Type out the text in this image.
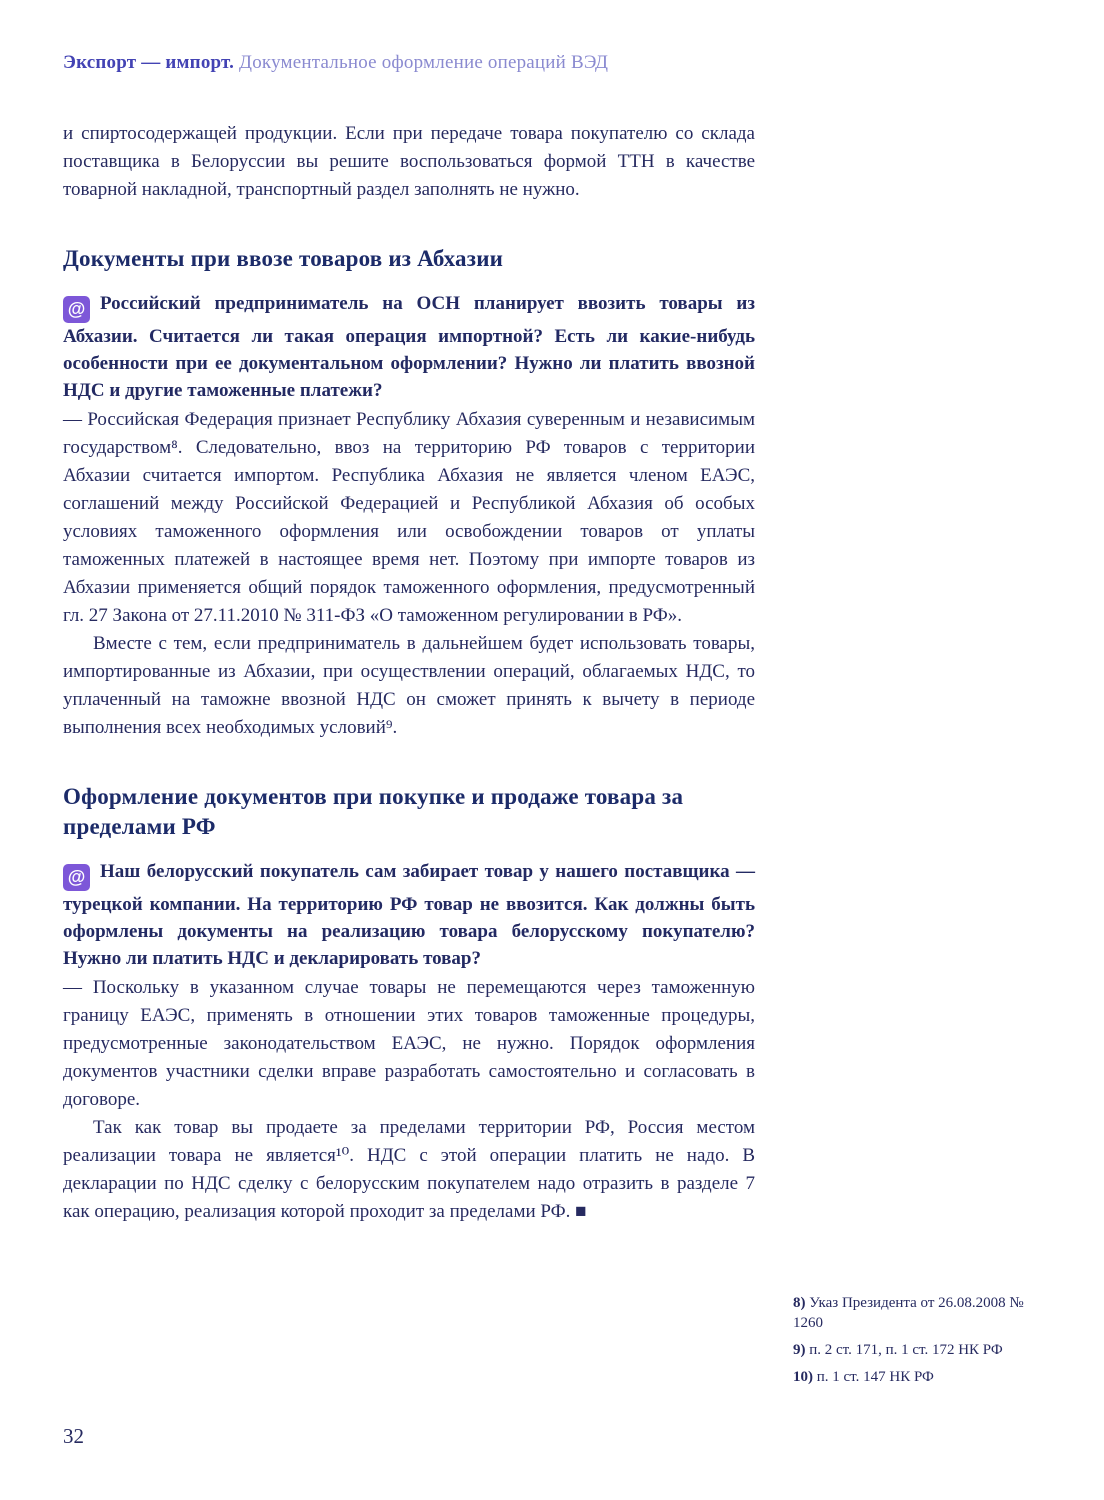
Экспорт — импорт. Документальное оформление операций ВЭД

и спиртосодержащей продукции. Если при передаче товара покупателю со склада поставщика в Белоруссии вы решите воспользоваться формой ТТН в качестве товарной накладной, транспортный раздел заполнять не нужно.

Документы при ввозе товаров из Абхазии

@ Российский предприниматель на ОСН планирует ввозить товары из Абхазии. Считается ли такая операция импортной? Есть ли какие-нибудь особенности при ее документальном оформлении? Нужно ли платить ввозной НДС и другие таможенные платежи?

— Российская Федерация признает Республику Абхазия суверенным и независимым государством⁸. Следовательно, ввоз на территорию РФ товаров с территории Абхазии считается импортом. Республика Абхазия не является членом ЕАЭС, соглашений между Российской Федерацией и Республикой Абхазия об особых условиях таможенного оформления или освобождении товаров от уплаты таможенных платежей в настоящее время нет. Поэтому при импорте товаров из Абхазии применяется общий порядок таможенного оформления, предусмотренный гл. 27 Закона от 27.11.2010 № 311-ФЗ «О таможенном регулировании в РФ».

Вместе с тем, если предприниматель в дальнейшем будет использовать товары, импортированные из Абхазии, при осуществлении операций, облагаемых НДС, то уплаченный на таможне ввозной НДС он сможет принять к вычету в периоде выполнения всех необходимых условий⁹.

Оформление документов при покупке и продаже товара за пределами РФ

@ Наш белорусский покупатель сам забирает товар у нашего поставщика — турецкой компании. На территорию РФ товар не ввозится. Как должны быть оформлены документы на реализацию товара белорусскому покупателю? Нужно ли платить НДС и декларировать товар?

— Поскольку в указанном случае товары не перемещаются через таможенную границу ЕАЭС, применять в отношении этих товаров таможенные процедуры, предусмотренные законодательством ЕАЭС, не нужно. Порядок оформления документов участники сделки вправе разработать самостоятельно и согласовать в договоре.

Так как товар вы продаете за пределами территории РФ, Россия местом реализации товара не является¹⁰. НДС с этой операции платить не надо. В декларации по НДС сделку с белорусским покупателем надо отразить в разделе 7 как операцию, реализация которой проходит за пределами РФ. ■

8) Указ Президента от 26.08.2008 № 1260
9) п. 2 ст. 171, п. 1 ст. 172 НК РФ
10) п. 1 ст. 147 НК РФ
32
